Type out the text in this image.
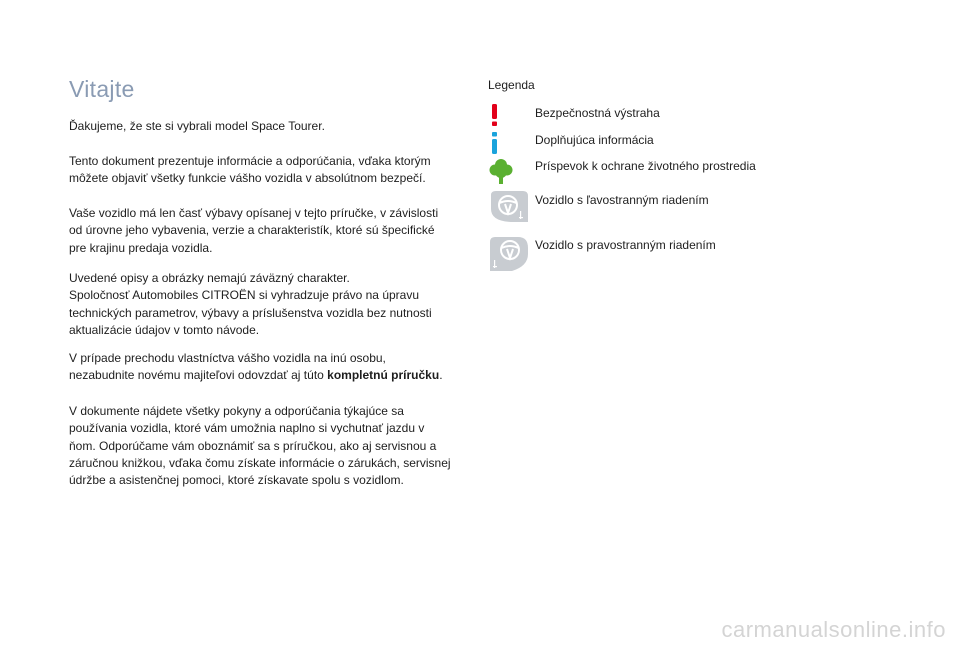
Vitajte

Ďakujeme, že ste si vybrali model Space Tourer.

Tento dokument prezentuje informácie a odporúčania, vďaka ktorým
môžete objaviť všetky funkcie vášho vozidla v absolútnom bezpečí.

Vaše vozidlo má len časť výbavy opísanej v tejto príručke, v závislosti
od úrovne jeho vybavenia, verzie a charakteristík, ktoré sú špecifické
pre krajinu predaja vozidla.

Uvedené opisy a obrázky nemajú záväzný charakter.
Spoločnosť Automobiles CITROËN si vyhradzuje právo na úpravu
technických parametrov, výbavy a príslušenstva vozidla bez nutnosti
aktualizácie údajov v tomto návode.

V prípade prechodu vlastníctva vášho vozidla na inú osobu,
nezabudnite novému majiteľovi odovzdať aj túto kompletnú príručku.

V dokumente nájdete všetky pokyny a odporúčania týkajúce sa
používania vozidla, ktoré vám umožnia naplno si vychutnať jazdu v
ňom. Odporúčame vám oboznámiť sa s príručkou, ako aj servisnou a
záručnou knižkou, vďaka čomu získate informácie o zárukách, servisnej
údržbe a asistenčnej pomoci, ktoré získavate spolu s vozidlom.

Legenda
Bezpečnostná výstraha
Doplňujúca informácia
Príspevok k ochrane životného prostredia
Vozidlo s ľavostranným riadením
Vozidlo s pravostranným riadením
carmanualsonline.info
